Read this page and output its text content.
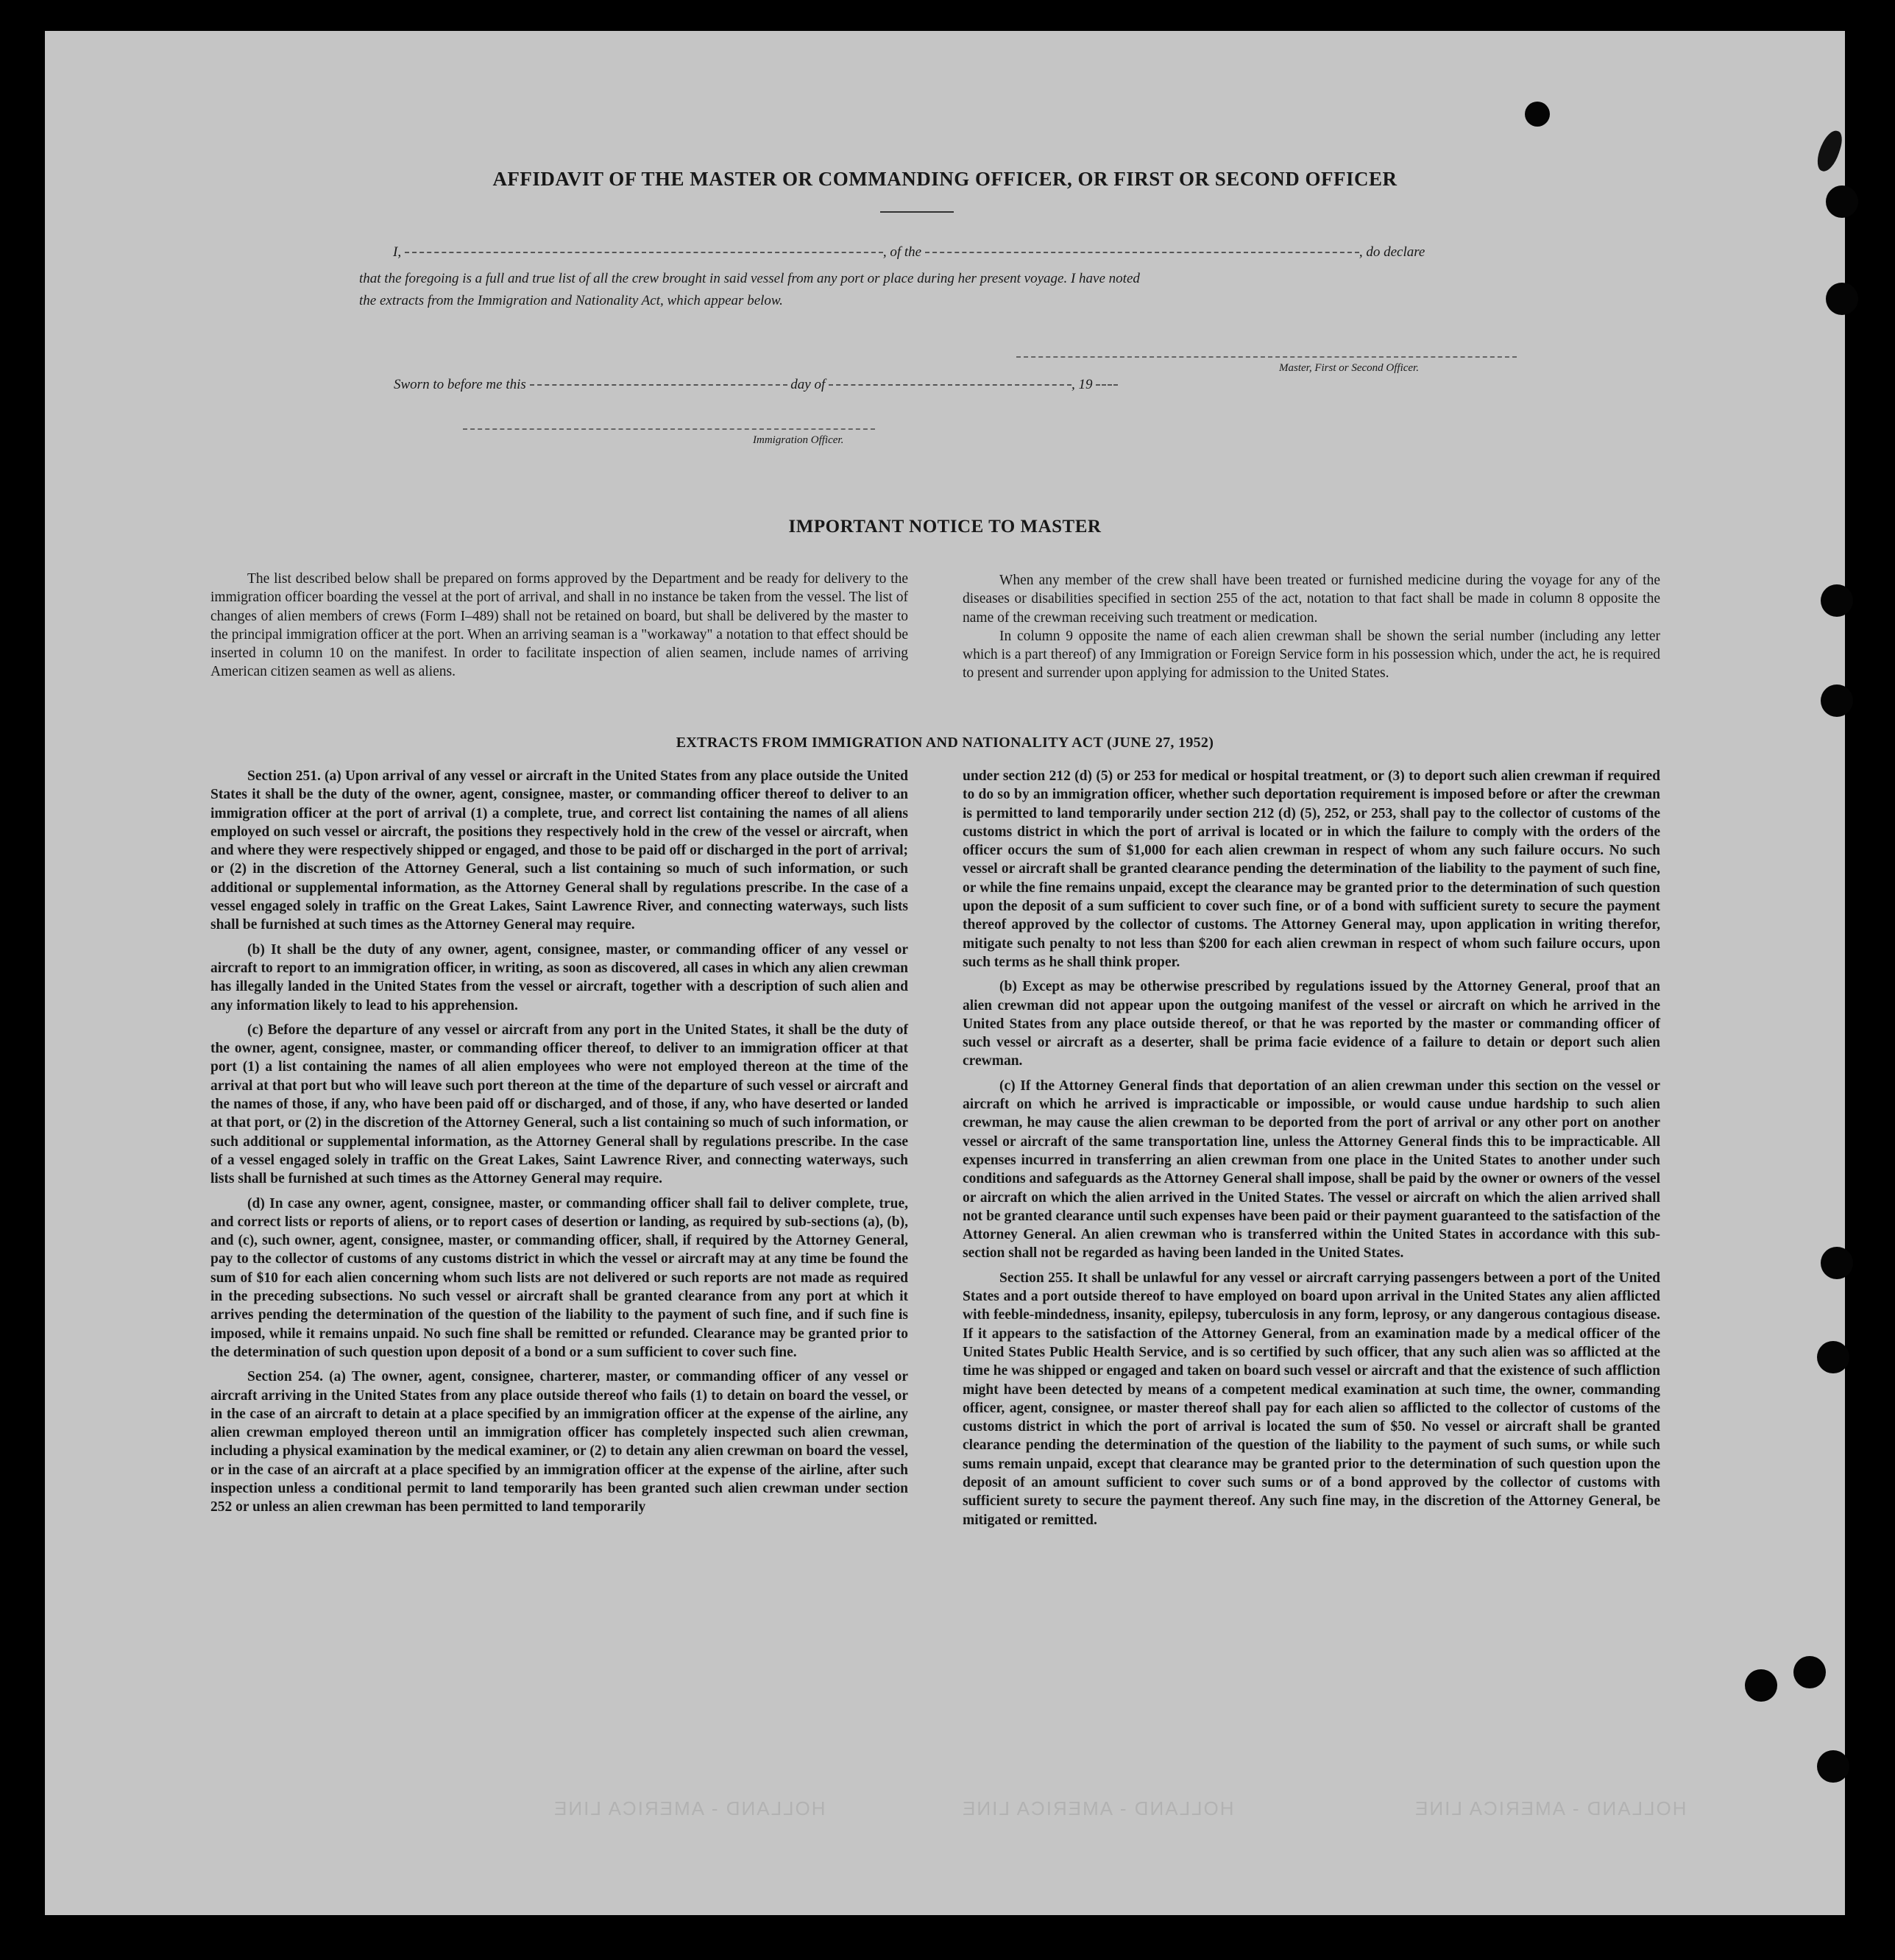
AFFIDAVIT OF THE MASTER OR COMMANDING OFFICER, OR FIRST OR SECOND OFFICER
I,	, of the	, do declare
that the foregoing is a full and true list of all the crew brought in said vessel from any port or place during her present voyage. I have noted
the extracts from the Immigration and Nationality Act, which appear below.
Master, First or Second Officer.
Sworn to before me this	day of	, 19
Immigration Officer.
IMPORTANT NOTICE TO MASTER

The list described below shall be prepared on forms approved by the Department and be ready for delivery to the immigration officer boarding the vessel at the port of arrival, and shall in no instance be taken from the vessel. The list of changes of alien members of crews (Form I–489) shall not be retained on board, but shall be delivered by the master to the principal immigration officer at the port. When an arriving seaman is a "workaway" a notation to that effect should be inserted in column 10 on the manifest. In order to facilitate inspection of alien seamen, include names of arriving American citizen seamen as well as aliens.

When any member of the crew shall have been treated or furnished medicine during the voyage for any of the diseases or disabilities specified in section 255 of the act, notation to that fact shall be made in column 8 opposite the name of the crewman receiving such treatment or medication.

In column 9 opposite the name of each alien crewman shall be shown the serial number (including any letter which is a part thereof) of any Immigration or Foreign Service form in his possession which, under the act, he is required to present and surrender upon applying for admission to the United States.

EXTRACTS FROM IMMIGRATION AND NATIONALITY ACT (JUNE 27, 1952)

Section 251. (a) Upon arrival of any vessel or aircraft in the United States from any place outside the United States it shall be the duty of the owner, agent, consignee, master, or commanding officer thereof to deliver to an immigration officer at the port of arrival (1) a complete, true, and correct list containing the names of all aliens employed on such vessel or aircraft, the positions they respectively hold in the crew of the vessel or aircraft, when and where they were respectively shipped or engaged, and those to be paid off or discharged in the port of arrival; or (2) in the discretion of the Attorney General, such a list containing so much of such information, or such additional or supplemental information, as the Attorney General shall by regulations prescribe. In the case of a vessel engaged solely in traffic on the Great Lakes, Saint Lawrence River, and connecting waterways, such lists shall be furnished at such times as the Attorney General may require.

(b) It shall be the duty of any owner, agent, consignee, master, or commanding officer of any vessel or aircraft to report to an immigration officer, in writing, as soon as discovered, all cases in which any alien crewman has illegally landed in the United States from the vessel or aircraft, together with a description of such alien and any information likely to lead to his apprehension.

(c) Before the departure of any vessel or aircraft from any port in the United States, it shall be the duty of the owner, agent, consignee, master, or commanding officer thereof, to deliver to an immigration officer at that port (1) a list containing the names of all alien employees who were not employed thereon at the time of the arrival at that port but who will leave such port thereon at the time of the departure of such vessel or aircraft and the names of those, if any, who have been paid off or discharged, and of those, if any, who have deserted or landed at that port, or (2) in the discretion of the Attorney General, such a list containing so much of such information, or such additional or supplemental information, as the Attorney General shall by regulations prescribe. In the case of a vessel engaged solely in traffic on the Great Lakes, Saint Lawrence River, and connecting waterways, such lists shall be furnished at such times as the Attorney General may require.

(d) In case any owner, agent, consignee, master, or commanding officer shall fail to deliver complete, true, and correct lists or reports of aliens, or to report cases of desertion or landing, as required by sub-sections (a), (b), and (c), such owner, agent, consignee, master, or commanding officer, shall, if required by the Attorney General, pay to the collector of customs of any customs district in which the vessel or aircraft may at any time be found the sum of $10 for each alien concerning whom such lists are not delivered or such reports are not made as required in the preceding subsections. No such vessel or aircraft shall be granted clearance from any port at which it arrives pending the determination of the question of the liability to the payment of such fine, and if such fine is imposed, while it remains unpaid. No such fine shall be remitted or refunded. Clearance may be granted prior to the determination of such question upon deposit of a bond or a sum sufficient to cover such fine.

Section 254. (a) The owner, agent, consignee, charterer, master, or commanding officer of any vessel or aircraft arriving in the United States from any place outside thereof who fails (1) to detain on board the vessel, or in the case of an aircraft to detain at a place specified by an immigration officer at the expense of the airline, any alien crewman employed thereon until an immigration officer has completely inspected such alien crewman, including a physical examination by the medical examiner, or (2) to detain any alien crewman on board the vessel, or in the case of an aircraft at a place specified by an immigration officer at the expense of the airline, after such inspection unless a conditional permit to land temporarily has been granted such alien crewman under section 252 or unless an alien crewman has been permitted to land temporarily

under section 212 (d) (5) or 253 for medical or hospital treatment, or (3) to deport such alien crewman if required to do so by an immigration officer, whether such deportation requirement is imposed before or after the crewman is permitted to land temporarily under section 212 (d) (5), 252, or 253, shall pay to the collector of customs of the customs district in which the port of arrival is located or in which the failure to comply with the orders of the officer occurs the sum of $1,000 for each alien crewman in respect of whom any such failure occurs. No such vessel or aircraft shall be granted clearance pending the determination of the liability to the payment of such fine, or while the fine remains unpaid, except the clearance may be granted prior to the determination of such question upon the deposit of a sum sufficient to cover such fine, or of a bond with sufficient surety to secure the payment thereof approved by the collector of customs. The Attorney General may, upon application in writing therefor, mitigate such penalty to not less than $200 for each alien crewman in respect of whom such failure occurs, upon such terms as he shall think proper.

(b) Except as may be otherwise prescribed by regulations issued by the Attorney General, proof that an alien crewman did not appear upon the outgoing manifest of the vessel or aircraft on which he arrived in the United States from any place outside thereof, or that he was reported by the master or commanding officer of such vessel or aircraft as a deserter, shall be prima facie evidence of a failure to detain or deport such alien crewman.

(c) If the Attorney General finds that deportation of an alien crewman under this section on the vessel or aircraft on which he arrived is impracticable or impossible, or would cause undue hardship to such alien crewman, he may cause the alien crewman to be deported from the port of arrival or any other port on another vessel or aircraft of the same transportation line, unless the Attorney General finds this to be impracticable. All expenses incurred in transferring an alien crewman from one place in the United States to another under such conditions and safeguards as the Attorney General shall impose, shall be paid by the owner or owners of the vessel or aircraft on which the alien arrived in the United States. The vessel or aircraft on which the alien arrived shall not be granted clearance until such expenses have been paid or their payment guaranteed to the satisfaction of the Attorney General. An alien crewman who is transferred within the United States in accordance with this sub-section shall not be regarded as having been landed in the United States.

Section 255. It shall be unlawful for any vessel or aircraft carrying passengers between a port of the United States and a port outside thereof to have employed on board upon arrival in the United States any alien afflicted with feeble-mindedness, insanity, epilepsy, tuberculosis in any form, leprosy, or any dangerous contagious disease. If it appears to the satisfaction of the Attorney General, from an examination made by a medical officer of the United States Public Health Service, and is so certified by such officer, that any such alien was so afflicted at the time he was shipped or engaged and taken on board such vessel or aircraft and that the existence of such affliction might have been detected by means of a competent medical examination at such time, the owner, commanding officer, agent, consignee, or master thereof shall pay for each alien so afflicted to the collector of customs of the customs district in which the port of arrival is located the sum of $50. No vessel or aircraft shall be granted clearance pending the determination of the question of the liability to the payment of such sums, or while such sums remain unpaid, except that clearance may be granted prior to the determination of such question upon the deposit of an amount sufficient to cover such sums or of a bond approved by the collector of customs with sufficient surety to secure the payment thereof. Any such fine may, in the discretion of the Attorney General, be mitigated or remitted.

HOLLAND - AMERICA LINE	HOLLAND - AMERICA LINE	HOLLAND - AMERICA LINE
